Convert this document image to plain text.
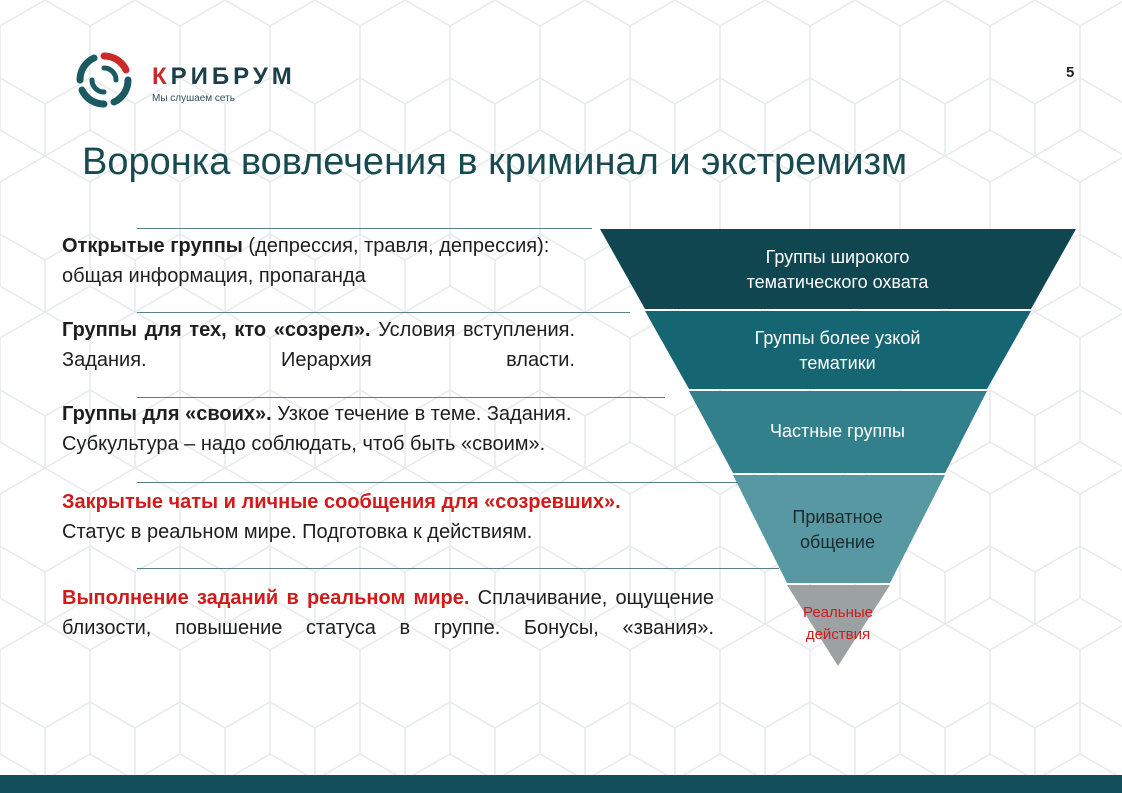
КРИБРУМ
Мы слушаем сеть
5
Воронка вовлечения в криминал и экстремизм
Открытые группы (депрессия, травля, депрессия): общая информация, пропаганда
Группы для тех, кто «созрел». Условия вступления. Задания. Иерархия власти.
Группы для «своих». Узкое течение в теме. Задания. Субкультура – надо соблюдать, чтоб быть «своим».
Закрытые чаты и личные сообщения для «созревших».
Статус в реальном мире. Подготовка к действиям.
Выполнение заданий в реальном мире. Сплачивание, ощущение близости, повышение статуса в группе. Бонусы, «звания».
Группы широкого
тематического охвата
Группы более узкой
тематики
Частные группы
Приватное
общение
Реальные
действия
